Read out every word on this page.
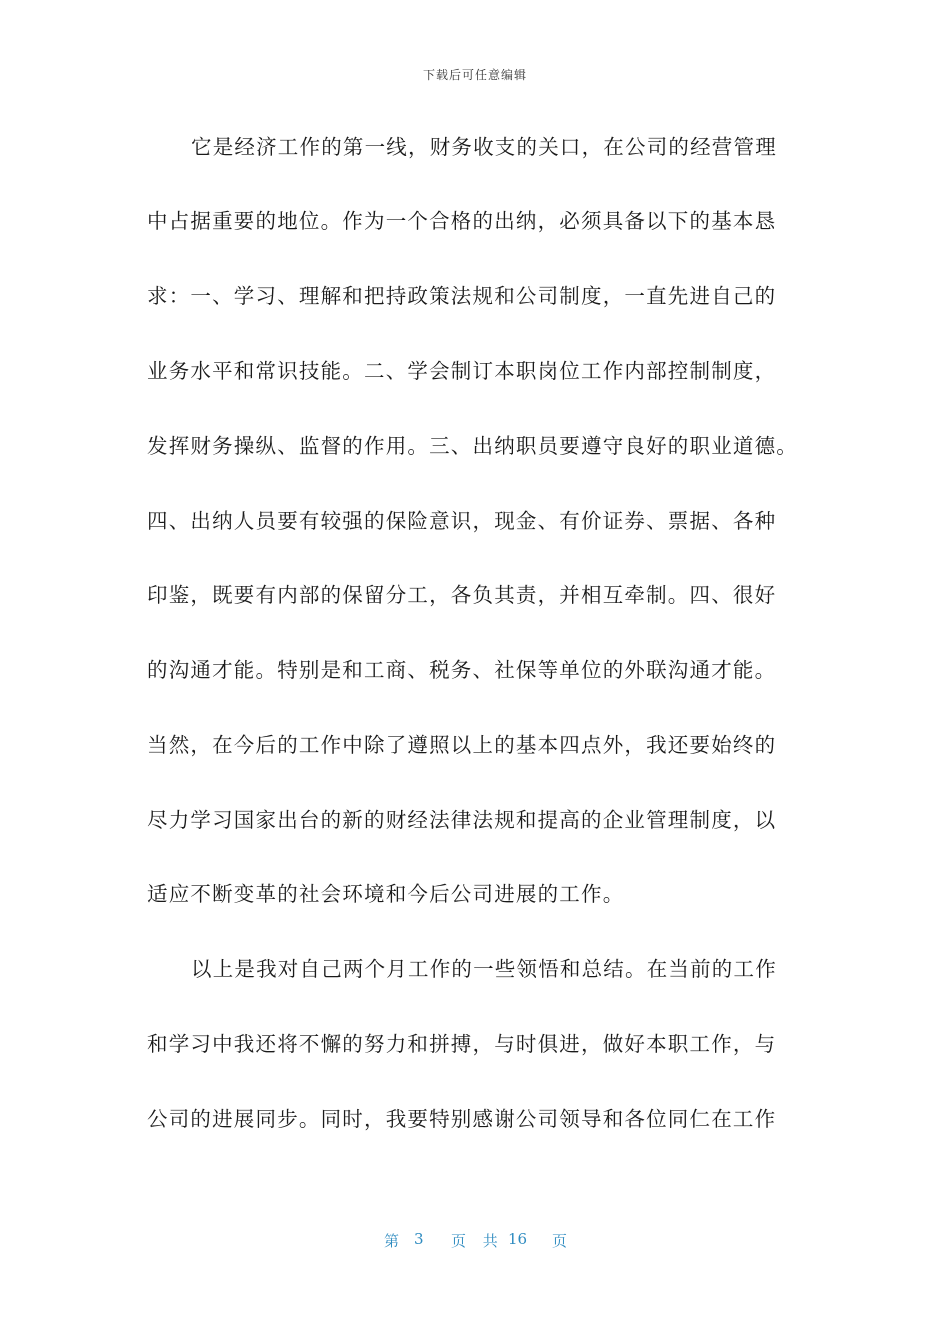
下载后可任意编辑
它是经济工作的第一线，财务收支的关口，在公司的经营管理
中占据重要的地位。作为一个合格的出纳，必须具备以下的基本恳
求：一、学习、理解和把持政策法规和公司制度，一直先进自己的
业务水平和常识技能。二、学会制订本职岗位工作内部控制制度，
发挥财务操纵、监督的作用。三、出纳职员要遵守良好的职业道德。
四、出纳人员要有较强的保险意识，现金、有价证券、票据、各种
印鉴，既要有内部的保留分工，各负其责，并相互牵制。四、很好
的沟通才能。特别是和工商、税务、社保等单位的外联沟通才能。
当然，在今后的工作中除了遵照以上的基本四点外，我还要始终的
尽力学习国家出台的新的财经法律法规和提高的企业管理制度，以
适应不断变革的社会环境和今后公司进展的工作。
以上是我对自己两个月工作的一些领悟和总结。在当前的工作
和学习中我还将不懈的努力和拼搏，与时俱进，做好本职工作，与
公司的进展同步。同时，我要特别感谢公司领导和各位同仁在工作
第 3 页 共 16 页
